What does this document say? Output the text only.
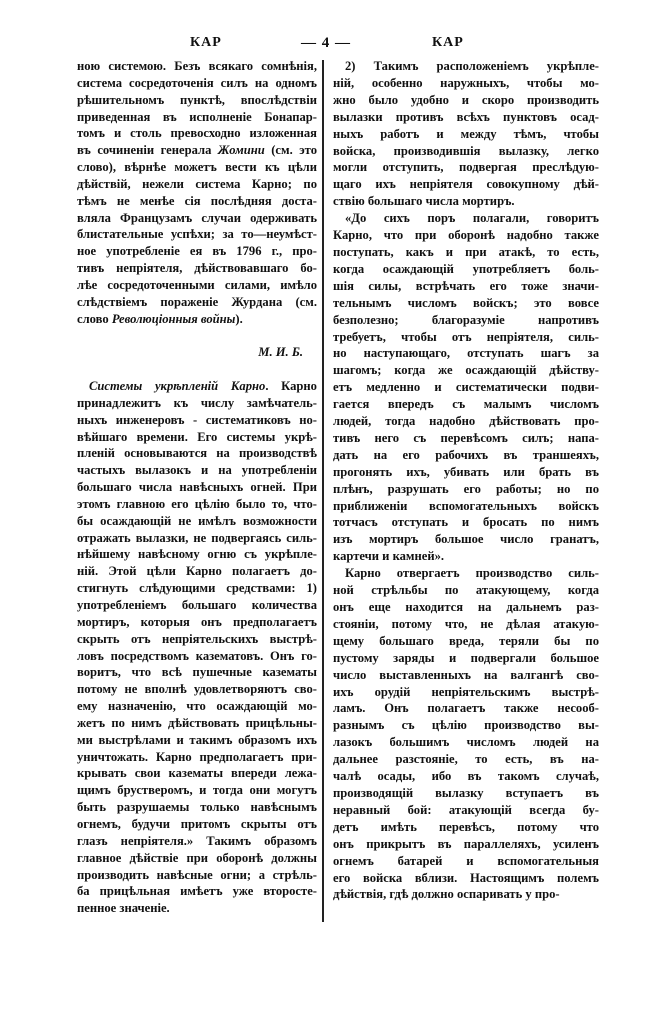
КАР	— 4 —	КАР
ною системою. Безъ всякаго сомнѣнія,
система сосредоточенія силъ на одномъ
рѣшительномъ пунктѣ, впослѣдствіи
приведенная въ исполненіе Бонапар-
томъ и столь превосходно изложенная
въ сочиненіи генерала Жомини (см. это
слово), вѣрнѣе можетъ вести къ цѣли
дѣйствій, нежели система Карно; по
тѣмъ не менѣе сія послѣдняя доста-
вляла Французамъ случаи одерживать
блистательные успѣхи; за то—неумѣст-
ное употребленіе ея въ 1796 г., про-
тивъ непріятеля, дѣйствовавшаго бо-
лѣе сосредоточенными силами, имѣло
слѣдствіемъ пораженіе Журдана (см.
слово Революціонныя войны).
М. И. Б.
Системы укрѣпленій Карно. Карно
принадлежитъ къ числу замѣчатель-
ныхъ инженеровъ - систематиковъ но-
вѣйшаго времени. Его системы укрѣ-
пленій основываются на производствѣ
частыхъ вылазокъ и на употребленіи
большаго числа навѣсныхъ огней. При
этомъ главною его цѣлію было то, что-
бы осаждающій не имѣлъ возможности
отражать вылазки, не подвергаясь силь-
нѣйшему навѣсному огню съ укрѣпле-
ній. Этой цѣли Карно полагаетъ до-
стигнуть слѣдующими средствами: 1)
употребленіемъ большаго количества
мортиръ, которыя онъ предполагаетъ
скрыть отъ непріятельскихъ выстрѣ-
ловъ посредствомъ казематовъ. Онъ го-
воритъ, что всѣ пушечные казематы
потому не вполнѣ удовлетворяютъ сво-
ему назначенію, что осаждающій мо-
жетъ по нимъ дѣйствовать прицѣльны-
ми выстрѣлами и такимъ образомъ ихъ
уничтожать. Карно предполагаетъ при-
крывать свои казематы впереди лежа-
щимъ брустверомъ, и тогда они могутъ
быть разрушаемы только навѣснымъ
огнемъ, будучи притомъ скрыты отъ
глазъ непріятеля.» Такимъ образомъ
главное дѣйствіе при оборонѣ должны
производить навѣсные огни; а стрѣль-
ба прицѣльная имѣетъ уже второсте-
пенное значеніе.
2) Такимъ расположеніемъ укрѣпле-
ній, особенно наружныхъ, чтобы мо-
жно было удобно и скоро производить
вылазки противъ всѣхъ пунктовъ осад-
ныхъ работъ и между тѣмъ, чтобы
войска, производившія вылазку, легко
могли отступить, подвергая преслѣдую-
щаго ихъ непріятеля совокупному дѣй-
ствію большаго числа мортиръ.
«До сихъ поръ полагали, говоритъ
Карно, что при оборонѣ надобно также
поступать, какъ и при атакѣ, то есть,
когда осаждающій употребляетъ боль-
шія силы, встрѣчать его тоже значи-
тельнымъ числомъ войскъ; это вовсе
безполезно; благоразуміе напротивъ
требуетъ, чтобы отъ непріятеля, силь-
но наступающаго, отступать шагъ за
шагомъ; когда же осаждающій дѣйству-
етъ медленно и систематически подви-
гается впередъ съ малымъ числомъ
людей, тогда надобно дѣйствовать про-
тивъ него съ перевѣсомъ силъ; напа-
дать на его рабочихъ въ траншеяхъ,
прогонять ихъ, убивать или брать въ
плѣнъ, разрушать его работы; но по
приближеніи вспомогательныхъ войскъ
тотчасъ отступать и бросать по нимъ
изъ мортиръ большое число гранатъ,
картечи и камней».
Карно отвергаетъ производство силь-
ной стрѣльбы по атакующему, когда
онъ еще находится на дальнемъ раз-
стояніи, потому что, не дѣлая атакую-
щему большаго вреда, теряли бы по
пустому заряды и подвергали большое
число выставленныхъ на валгангѣ сво-
ихъ орудій непріятельскимъ выстрѣ-
ламъ. Онъ полагаетъ также несооб-
разнымъ съ цѣлію производство вы-
лазокъ большимъ числомъ людей на
дальнее разстояніе, то есть, въ на-
чалѣ осады, ибо въ такомъ случаѣ,
производящій вылазку вступаетъ въ
неравный бой: атакующій всегда бу-
детъ имѣть перевѣсъ, потому что
онъ прикрытъ въ параллеляхъ, усиленъ
огнемъ батарей и вспомогательныя
его войска вблизи. Настоящимъ полемъ
дѣйствія, гдѣ должно оспаривать у про-
